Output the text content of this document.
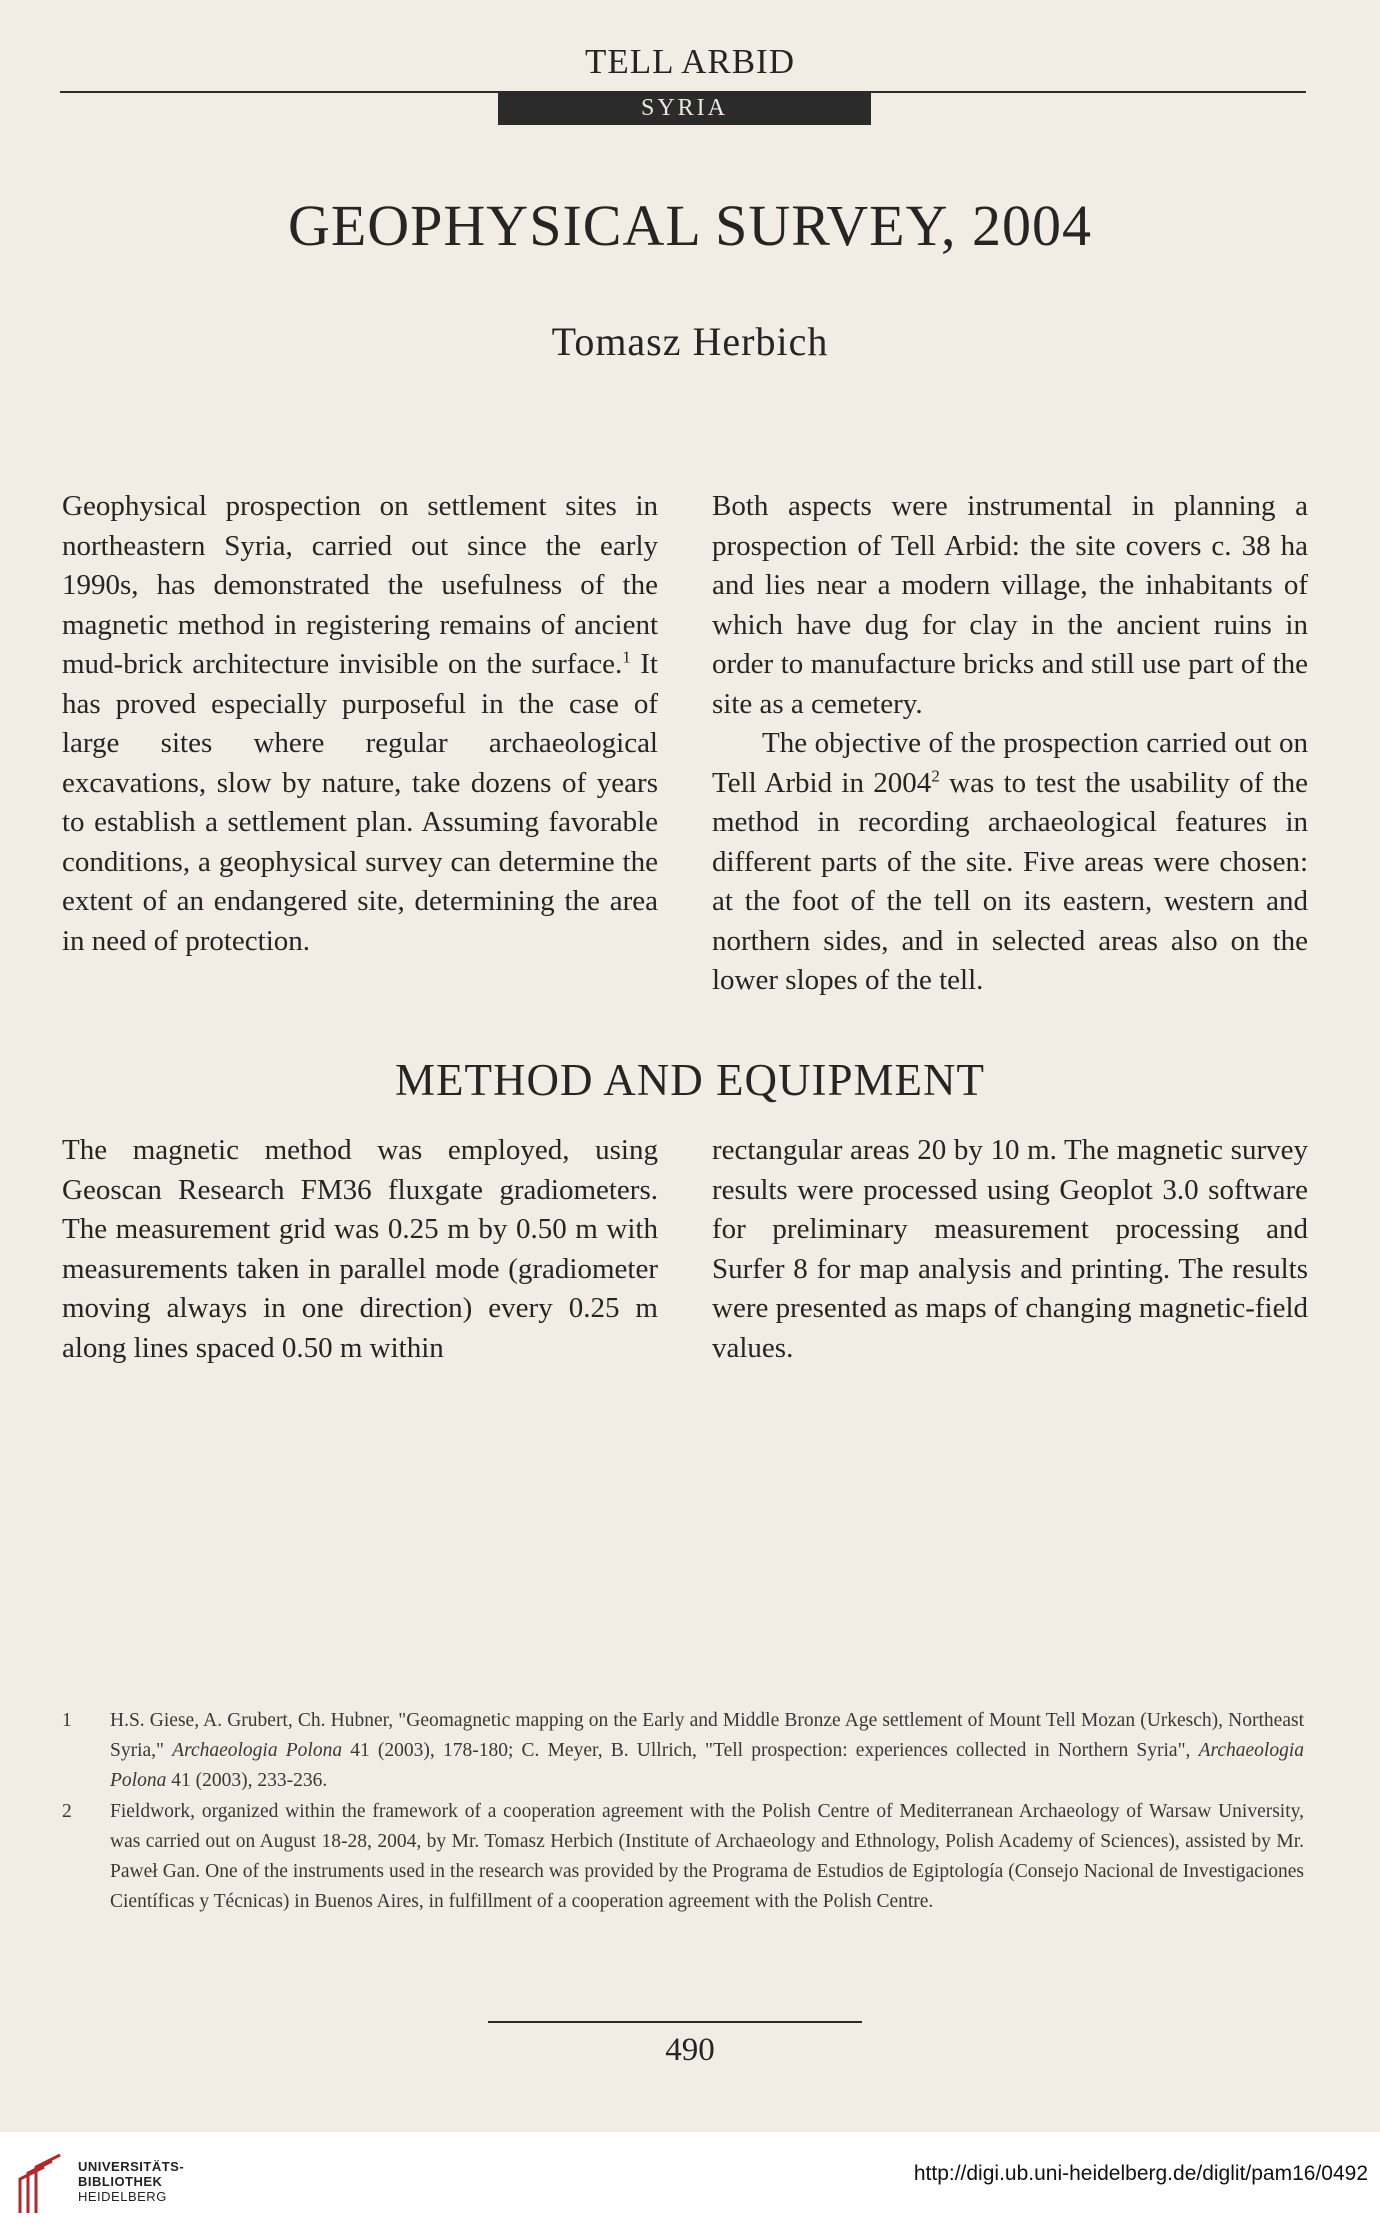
TELL ARBID
SYRIA
GEOPHYSICAL SURVEY, 2004
Tomasz Herbich

Geophysical prospection on settlement sites in northeastern Syria, carried out since the early 1990s, has demonstrated the usefulness of the magnetic method in registering remains of ancient mud-brick architecture invisible on the surface.$^1$ It has proved especially purposeful in the case of large sites where regular archaeological excavations, slow by nature, take dozens of years to establish a settlement plan. Assuming favorable conditions, a geophysical survey can determine the extent of an endangered site, determining the area in need of protection.

Both aspects were instrumental in planning a prospection of Tell Arbid: the site covers c. 38 ha and lies near a modern village, the inhabitants of which have dug for clay in the ancient ruins in order to manufacture bricks and still use part of the site as a cemetery.

The objective of the prospection carried out on Tell Arbid in 2004$^2$ was to test the usability of the method in recording archaeological features in different parts of the site. Five areas were chosen: at the foot of the tell on its eastern, western and northern sides, and in selected areas also on the lower slopes of the tell.

METHOD AND EQUIPMENT

The magnetic method was employed, using Geoscan Research FM36 fluxgate gradiometers. The measurement grid was 0.25 m by 0.50 m with measurements taken in parallel mode (gradiometer moving always in one direction) every 0.25 m along lines spaced 0.50 m within

rectangular areas 20 by 10 m. The magnetic survey results were processed using Geoplot 3.0 software for preliminary measurement processing and Surfer 8 for map analysis and printing. The results were presented as maps of changing magnetic-field values.

1 H.S. Giese, A. Grubert, Ch. Hubner, "Geomagnetic mapping on the Early and Middle Bronze Age settlement of Mount Tell Mozan (Urkesch), Northeast Syria," Archaeologia Polona 41 (2003), 178-180; C. Meyer, B. Ullrich, "Tell prospection: experiences collected in Northern Syria", Archaeologia Polona 41 (2003), 233-236.
2 Fieldwork, organized within the framework of a cooperation agreement with the Polish Centre of Mediterranean Archaeology of Warsaw University, was carried out on August 18-28, 2004, by Mr. Tomasz Herbich (Institute of Archaeology and Ethnology, Polish Academy of Sciences), assisted by Mr. Paweł Gan. One of the instruments used in the research was provided by the Programa de Estudios de Egiptología (Consejo Nacional de Investigaciones Científicas y Técnicas) in Buenos Aires, in fulfillment of a cooperation agreement with the Polish Centre.
490
UNIVERSITÄTS-
BIBLIOTHEK
HEIDELBERG
http://digi.ub.uni-heidelberg.de/diglit/pam16/0492
